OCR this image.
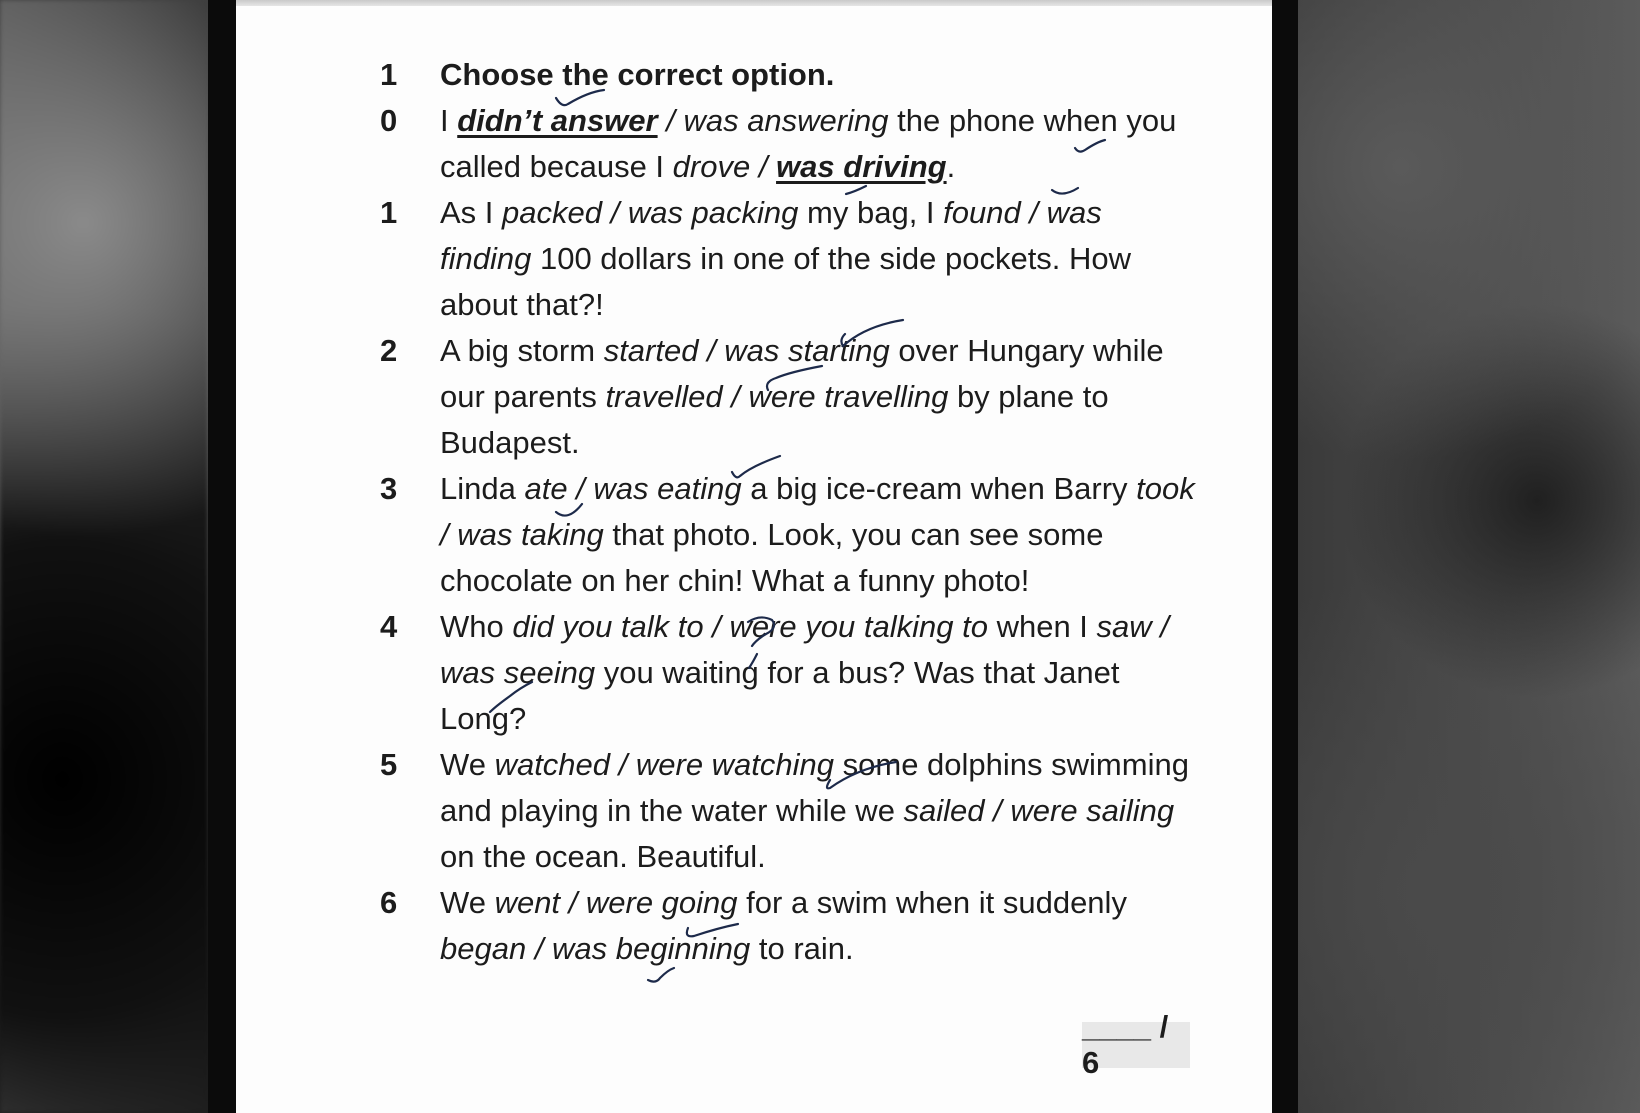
1	Choose the correct option.
0	I didn’t answer / was answering the phone when you called because I drove / was driving.
1	As I packed / was packing my bag, I found / was finding 100 dollars in one of the side pockets. How about that?!
2	A big storm started / was starting over Hungary while our parents travelled / were travelling by plane to Budapest.
3	Linda ate / was eating a big ice-cream when Barry took / was taking that photo. Look, you can see some chocolate on her chin! What a funny photo!
4	Who did you talk to / were you talking to when I saw / was seeing you waiting for a bus? Was that Janet Long?
5	We watched / were watching some dolphins swimming and playing in the water while we sailed / were sailing on the ocean. Beautiful.
6	We went / were going for a swim when it suddenly began / was beginning to rain.
____ / 6
